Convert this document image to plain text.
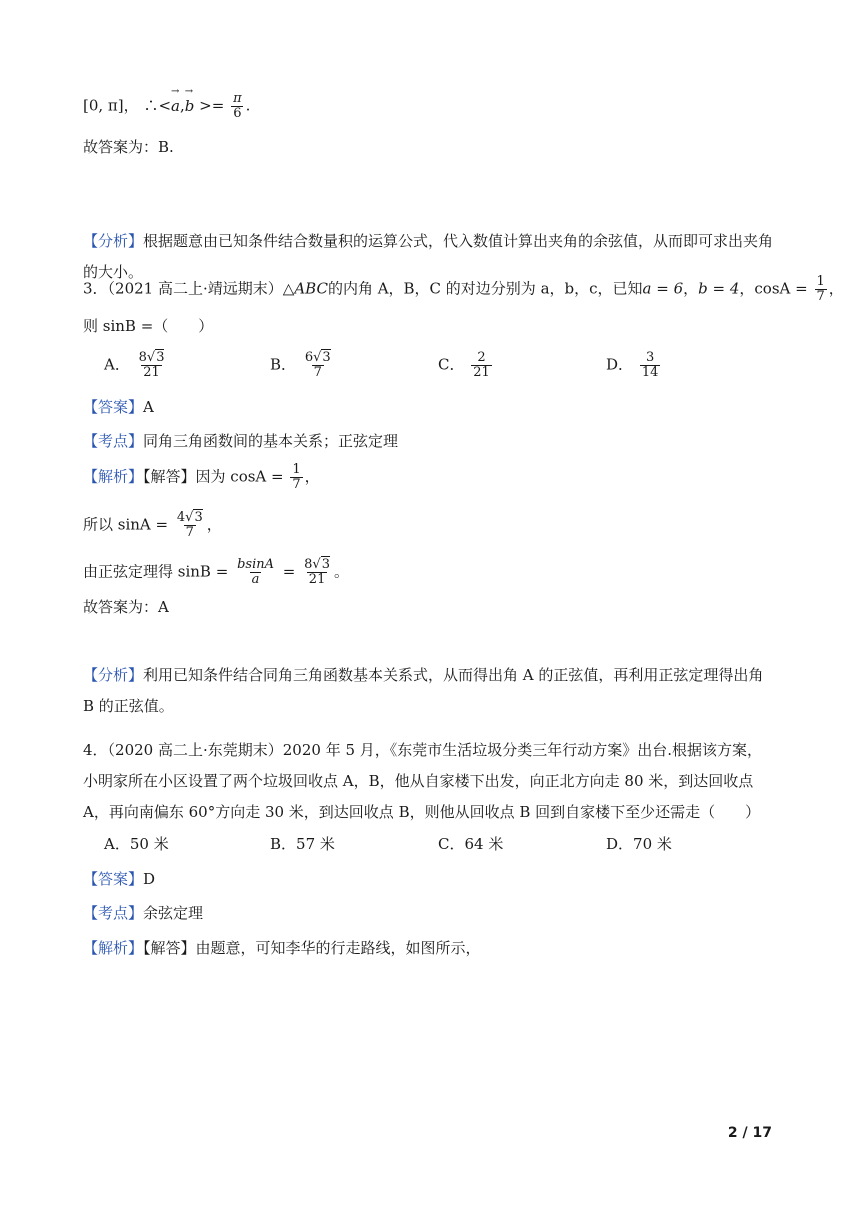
[0, π]， ∴<→ $a,\to b >= \frac{\pi}{6}$ .
故答案为：B.
【分析】根据题意由已知条件结合数量积的运算公式，代入数值计算出夹角的余弦值，从而即可求出夹角的大小。
3．（2021 高二上·靖远期末）△ABC的内角 A，B，C 的对边分别为 a，b，c，已知a = 6，b = 4，$\cos A = \frac{1}{7}$ ，
则 sinB =（　　）
A． $\frac{8√3}{21}$	B． $\frac{6√3}{7}$	C． $\frac{2}{21}$	D． $\frac{3}{14}$
【答案】A
【考点】同角三角函数间的基本关系；正弦定理
【解析】【解答】因为 $\cos A = \frac{1}{7}$ ，
所以 $\sin A = \frac{4√3}{7}$ ，
由正弦定理得 $\sin B = \frac{bsinA}{a} = \frac{8√3}{21}$ 。
故答案为：A
【分析】利用已知条件结合同角三角函数基本关系式，从而得出角 A 的正弦值，再利用正弦定理得出角 B 的正弦值。
4．（2020 高二上·东莞期末）2020 年 5 月，《东莞市生活垃圾分类三年行动方案》出台.根据该方案，小明家所在小区设置了两个垃圾回收点 A，B，他从自家楼下出发，向正北方向走 80 米，到达回收点 A，再向南偏东 60°方向走 30 米，到达回收点 B，则他从回收点 B 回到自家楼下至少还需走（　　）
A．50 米	B．57 米	C．64 米	D．70 米
【答案】D
【考点】余弦定理
【解析】【解答】由题意，可知李华的行走路线，如图所示，
2 / 17
